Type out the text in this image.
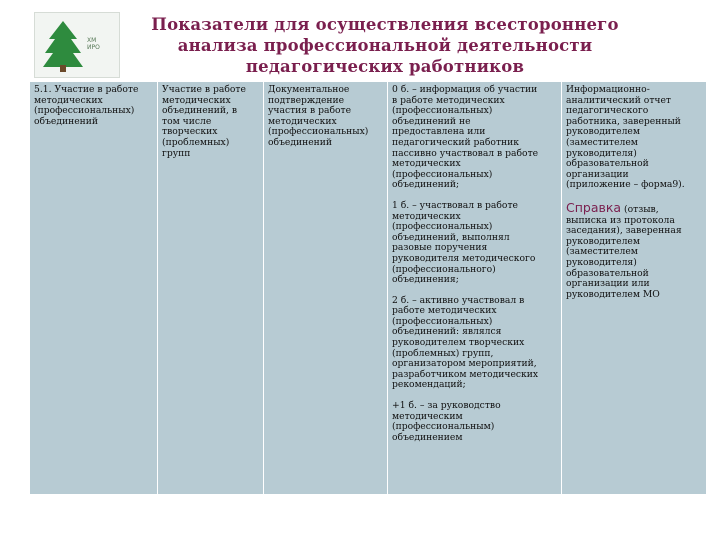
ХМ
ИРО
Показатели для осуществления всестороннего
анализа профессиональной деятельности
педагогических работников

5.1. Участие в работе
методических
(профессиональных)
объединений

Участие в работе
методических
объединений, в
том числе
творческих
(проблемных)
групп

Документальное
подтверждение
участия в работе
методических
(профессиональных)
объединений

0 б. – информация об участии
в работе методических
(профессиональных)
объединений не
предоставлена или
педагогический работник
пассивно участвовал в работе
методических
(профессиональных)
объединений;
1 б. – участвовал в работе
методических
(профессиональных)
объединений, выполнял
разовые поручения
руководителя методического
(профессионального)
объединения;
2 б. – активно участвовал в
работе методических
(профессиональных)
объединений: являлся
руководителем творческих
(проблемных) групп,
организатором мероприятий,
разработчиком методических
рекомендаций;
+1 б. – за руководство
методическим
(профессиональным)
объединением

Информационно-
аналитический отчет
педагогического
работника, заверенный
руководителем
(заместителем
руководителя)
образовательной
организации
(приложение – форма9).

Справка (отзыв,

выписка из протокола
заседания), заверенная
руководителем
(заместителем
руководителя)
образовательной
организации или
руководителем МО
